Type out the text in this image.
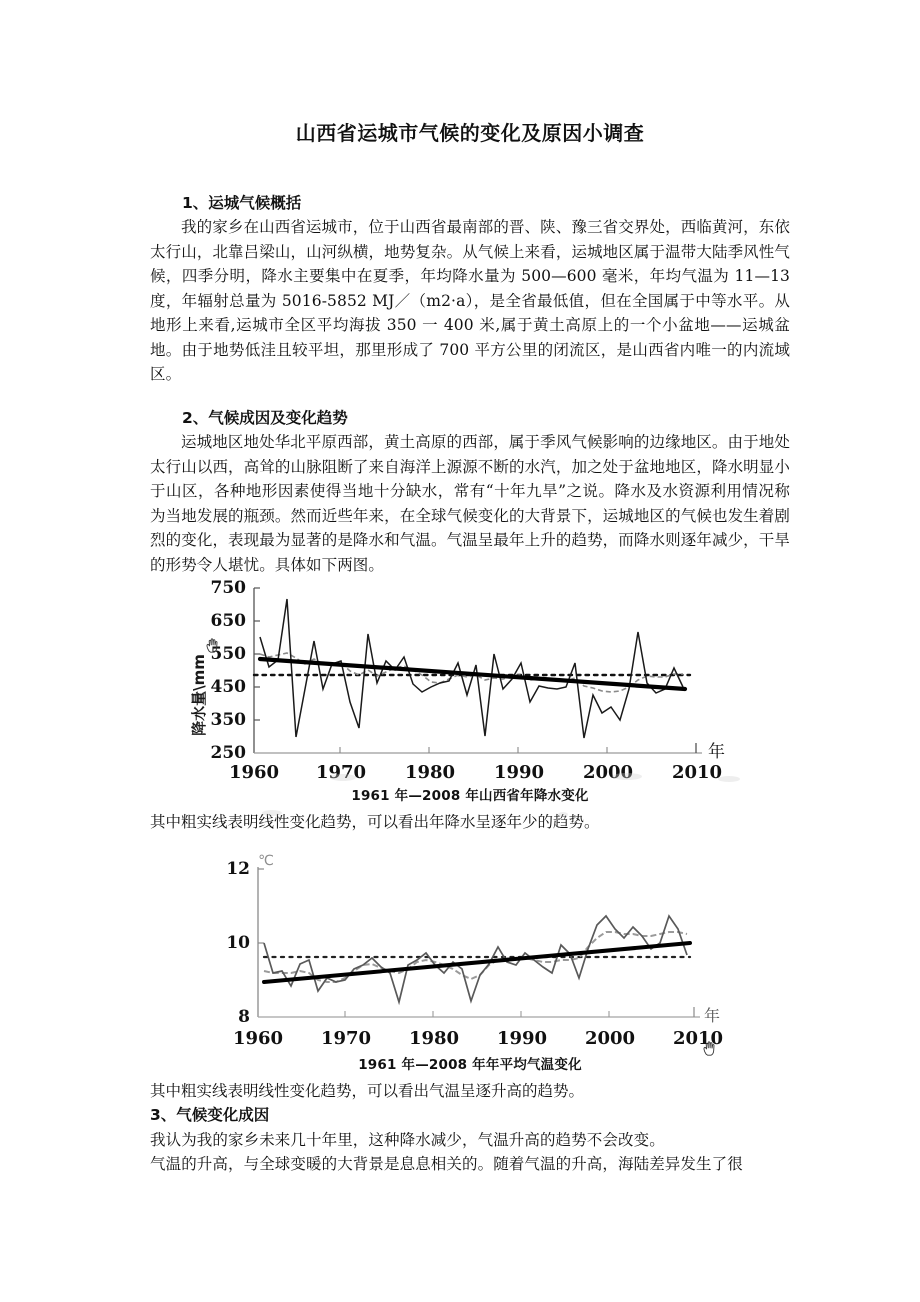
山西省运城市气候的变化及原因小调查
1、运城气候概括

我的家乡在山西省运城市，位于山西省最南部的晋、陕、豫三省交界处，西临黄河，东依太行山，北靠吕梁山，山河纵横，地势复杂。从气候上来看，运城地区属于温带大陆季风性气候，四季分明，降水主要集中在夏季，年均降水量为 500—600 毫米，年均气温为 11—13 度，年辐射总量为 5016-5852 MJ／（m2·a），是全省最低值，但在全国属于中等水平。从地形上来看,运城市全区平均海拔 350 一 400 米,属于黄土高原上的一个小盆地——运城盆地。由于地势低洼且较平坦，那里形成了 700 平方公里的闭流区，是山西省内唯一的内流域区。

2、气候成因及变化趋势

运城地区地处华北平原西部，黄土高原的西部，属于季风气候影响的边缘地区。由于地处太行山以西，高耸的山脉阻断了来自海洋上源源不断的水汽，加之处于盆地地区，降水明显小于山区，各种地形因素使得当地十分缺水，常有“十年九旱”之说。降水及水资源利用情况称为当地发展的瓶颈。然而近些年来，在全球气候变化的大背景下，运城地区的气候也发生着剧烈的变化，表现最为显著的是降水和气温。气温呈最年上升的趋势，而降水则逐年减少，干旱的形势令人堪忧。具体如下两图。

降水量\mm
750
650
550
450
350
250
1960 1970 1980 1990 2000 2010
年
1961 年—2008 年山西省年降水变化

其中粗实线表明线性变化趋势，可以看出年降水呈逐年少的趋势。

℃
12
10
8
1960 1970 1980 1990 2000 2010
年
1961 年—2008 年年平均气温变化

其中粗实线表明线性变化趋势，可以看出气温呈逐升高的趋势。

3、气候变化成因

我认为我的家乡未来几十年里，这种降水减少，气温升高的趋势不会改变。

气温的升高，与全球变暖的大背景是息息相关的。随着气温的升高，海陆差异发生了很
